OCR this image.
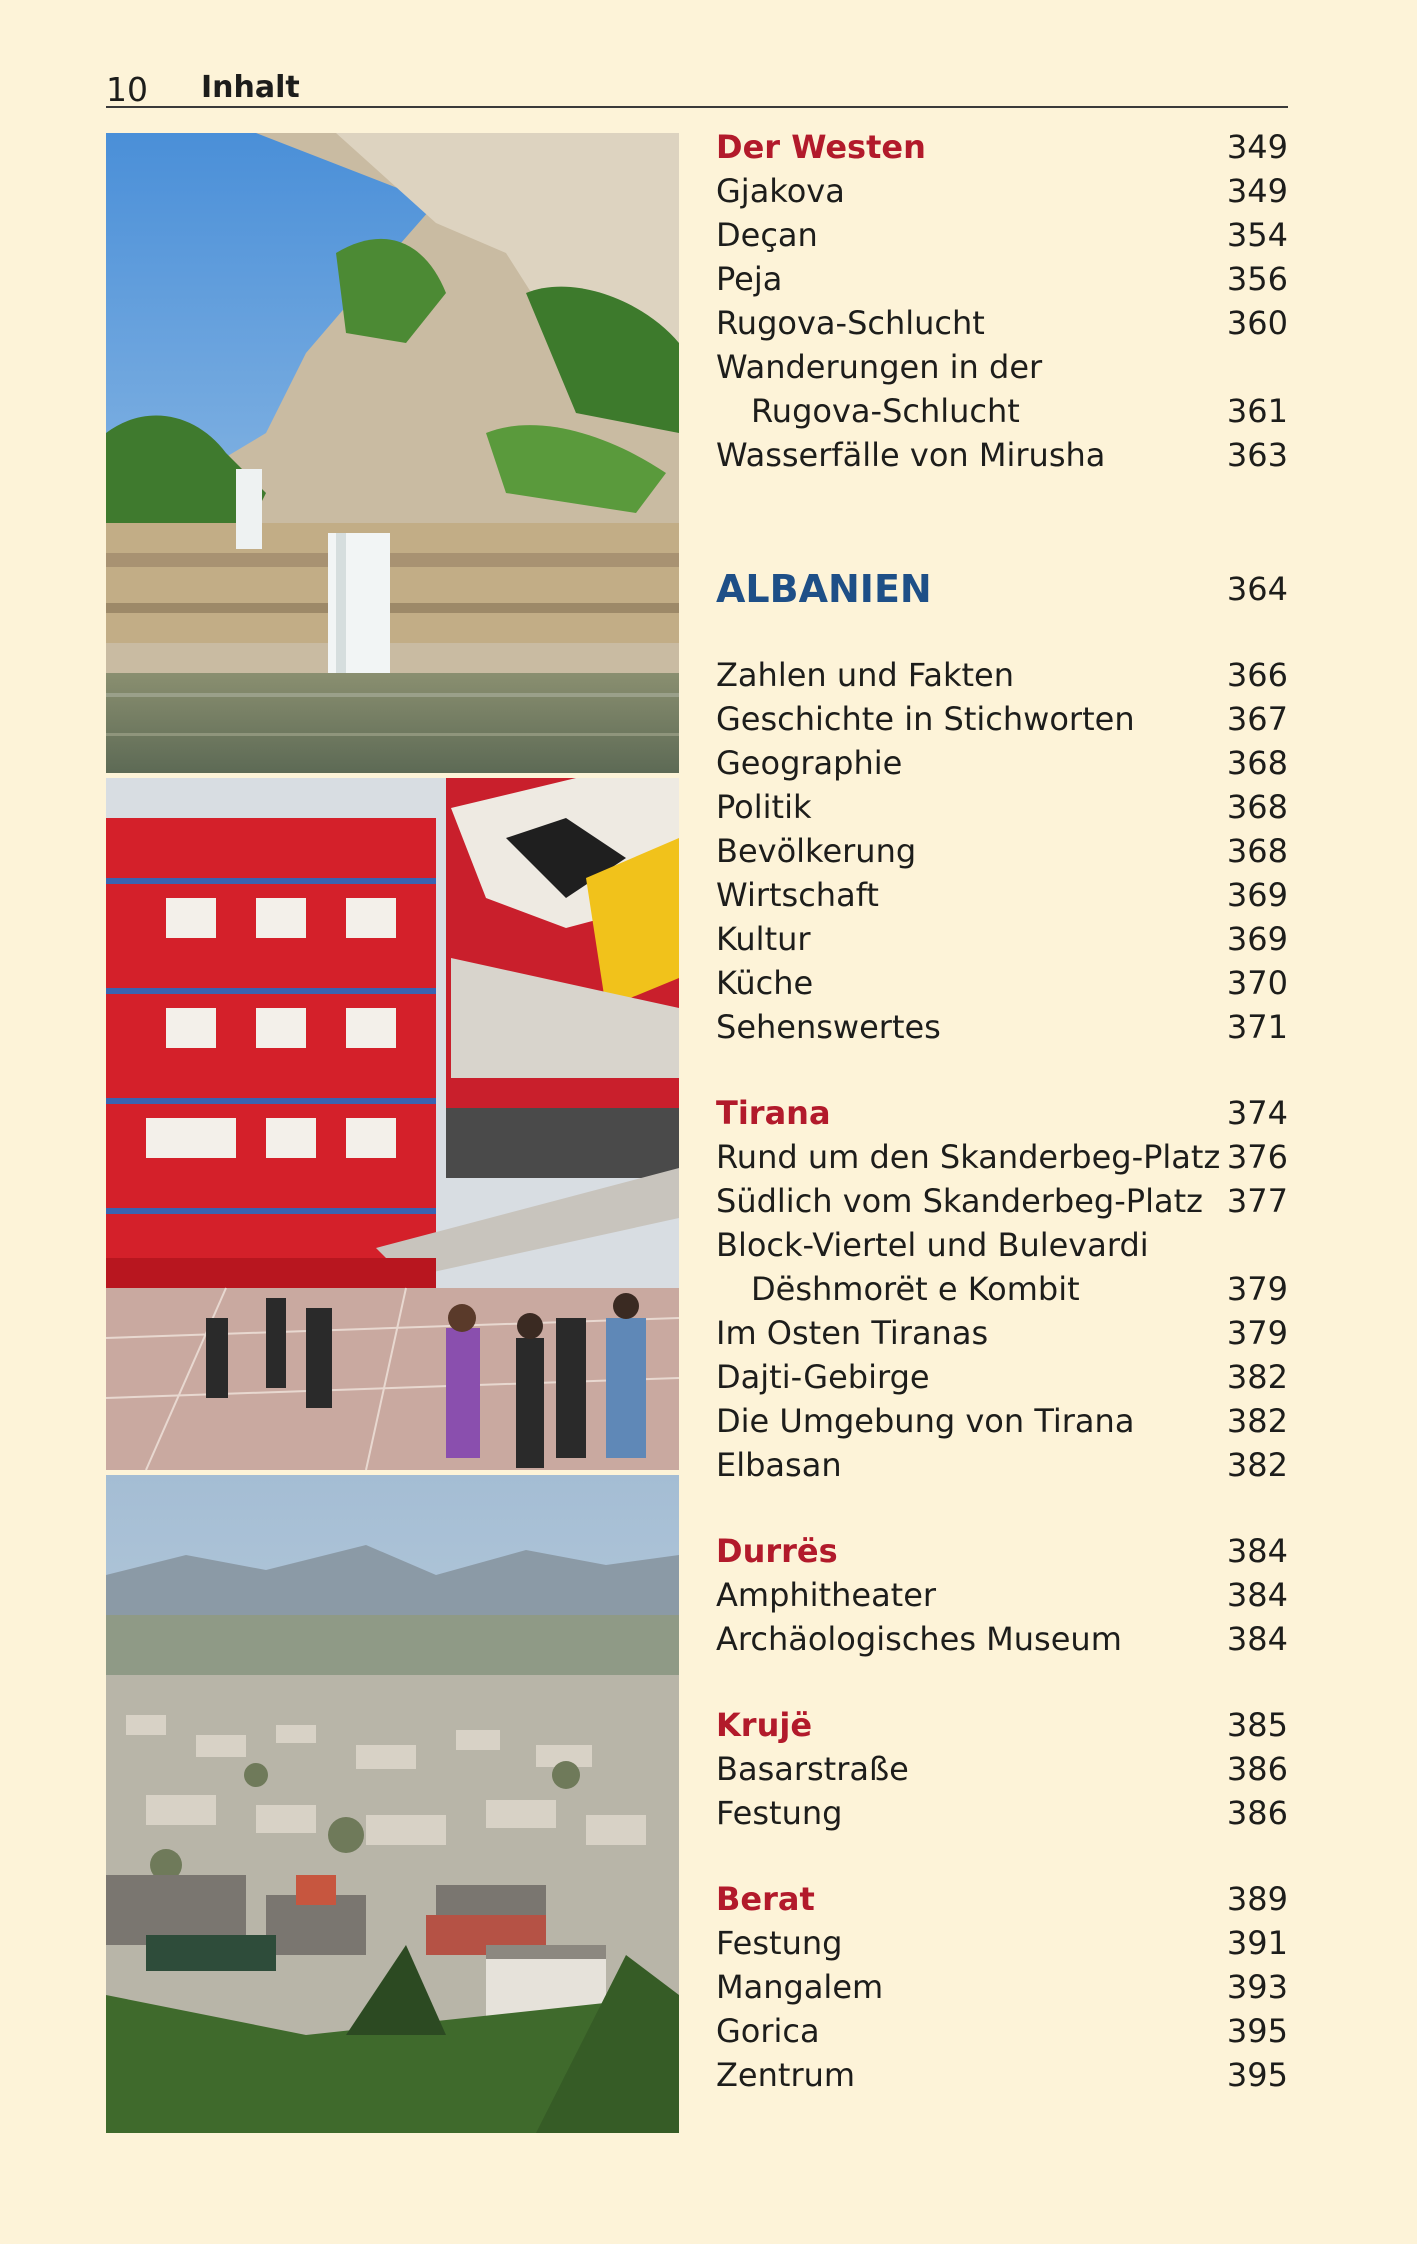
10 Inhalt
Der Westen	349
Gjakova	349
Deçan	354
Peja	356
Rugova-Schlucht	360
Wanderungen in der
Rugova-Schlucht	361
Wasserfälle von Mirusha	363
ALBANIEN	364
Zahlen und Fakten	366
Geschichte in Stichworten	367
Geographie	368
Politik	368
Bevölkerung	368
Wirtschaft	369
Kultur	369
Küche	370
Sehenswertes	371
Tirana	374
Rund um den Skanderbeg-Platz 376
Südlich vom Skanderbeg-Platz 377
Block-Viertel und Bulevardi
Dëshmorët e Kombit	379
Im Osten Tiranas	379
Dajti-Gebirge	382
Die Umgebung von Tirana	382
Elbasan	382
Durrës	384
Amphitheater	384
Archäologisches Museum	384
Krujë	385
Basarstraße	386
Festung	386
Berat	389
Festung	391
Mangalem	393
Gorica	395
Zentrum	395
